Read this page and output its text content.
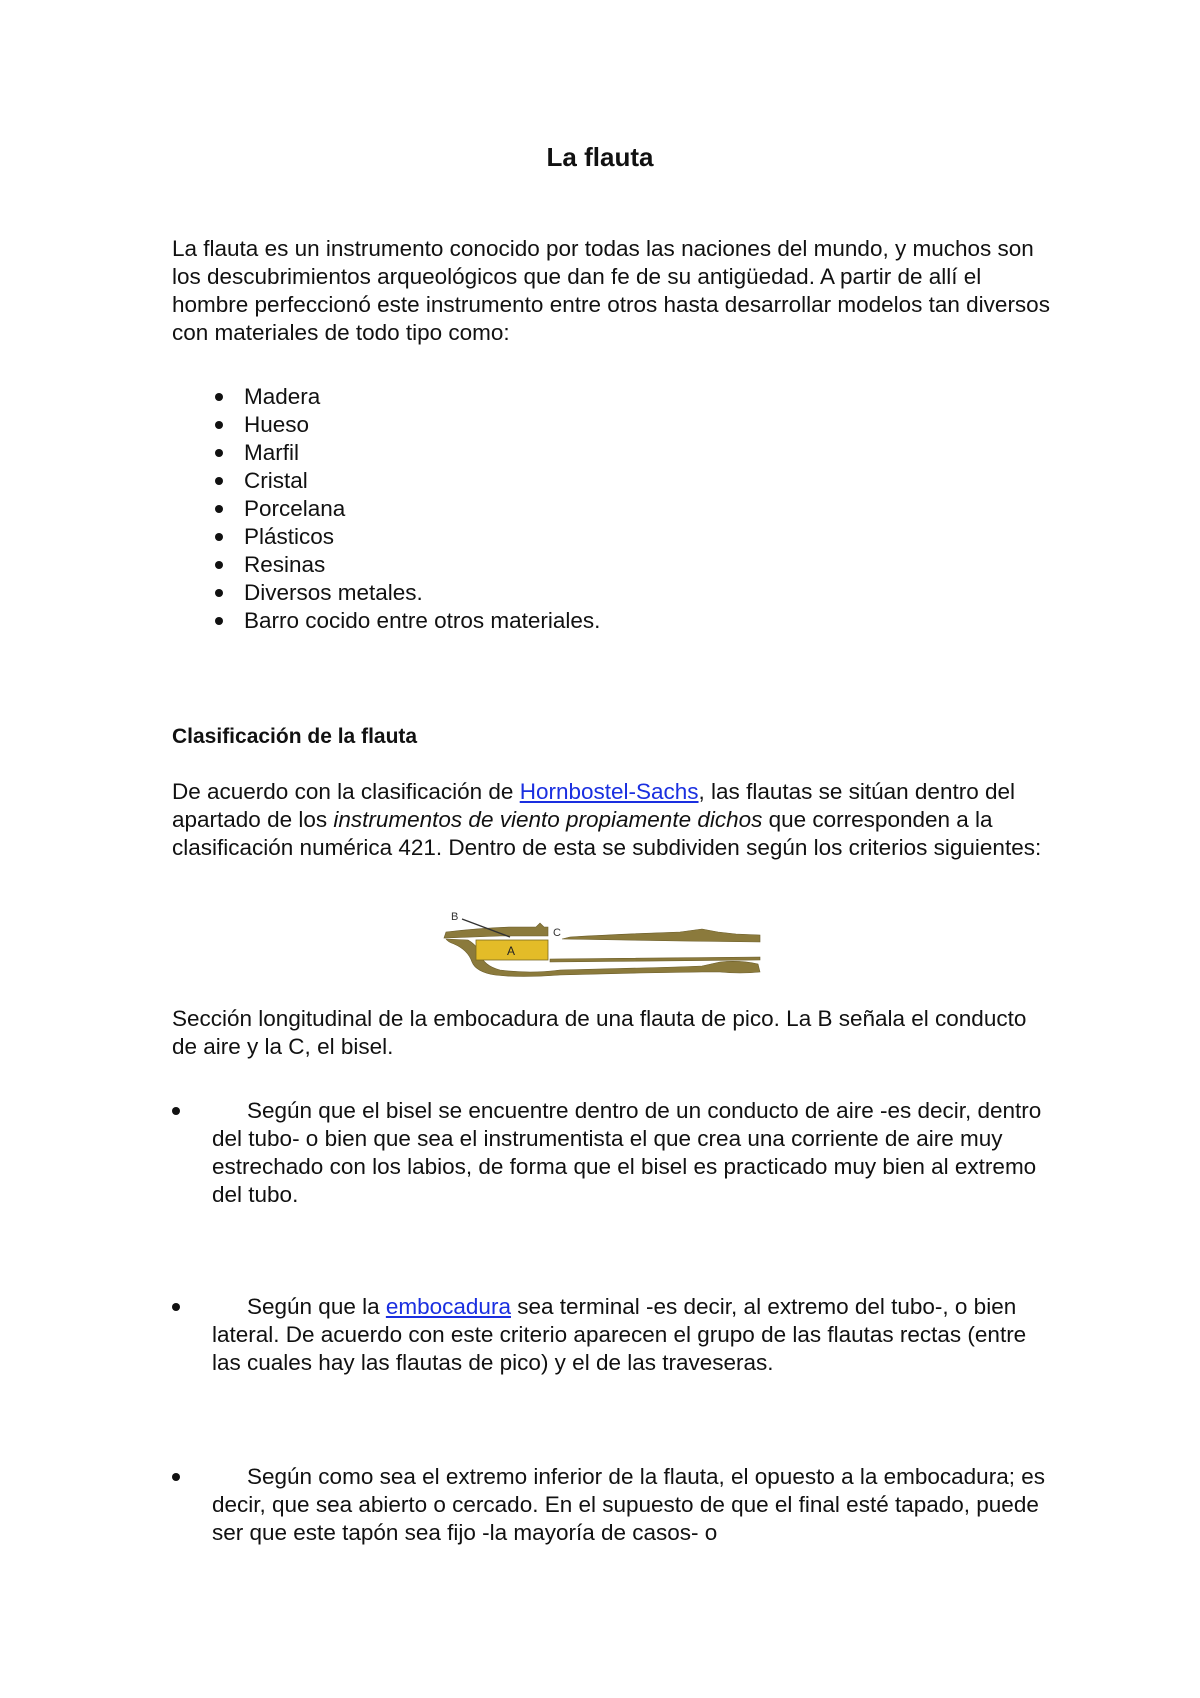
La flauta

La flauta es un instrumento conocido por todas las naciones del mundo, y muchos son los descubrimientos arqueológicos que dan fe de su antigüedad. A partir de allí el hombre perfeccionó este instrumento entre otros hasta desarrollar modelos tan diversos con materiales de todo tipo como:

Madera
Hueso
Marfil
Cristal
Porcelana
Plásticos
Resinas
Diversos metales.
Barro cocido entre otros materiales.
Clasificación de la flauta

De acuerdo con la clasificación de Hornbostel-Sachs, las flautas se sitúan dentro del apartado de los instrumentos de viento propiamente dichos que corresponden a la clasificación numérica 421. Dentro de esta se subdividen según los criterios siguientes:

B
C
A

Sección longitudinal de la embocadura de una flauta de pico. La B señala el conducto de aire y la C, el bisel.

Según que el bisel se encuentre dentro de un conducto de aire -es decir, dentro del tubo- o bien que sea el instrumentista el que crea una corriente de aire muy estrechado con los labios, de forma que el bisel es practicado muy bien al extremo del tubo.

Según que la embocadura sea terminal -es decir, al extremo del tubo-, o bien lateral. De acuerdo con este criterio aparecen el grupo de las flautas rectas (entre las cuales hay las flautas de pico) y el de las traveseras.

Según como sea el extremo inferior de la flauta, el opuesto a la embocadura; es decir, que sea abierto o cercado. En el supuesto de que el final esté tapado, puede ser que este tapón sea fijo -la mayoría de casos- o
